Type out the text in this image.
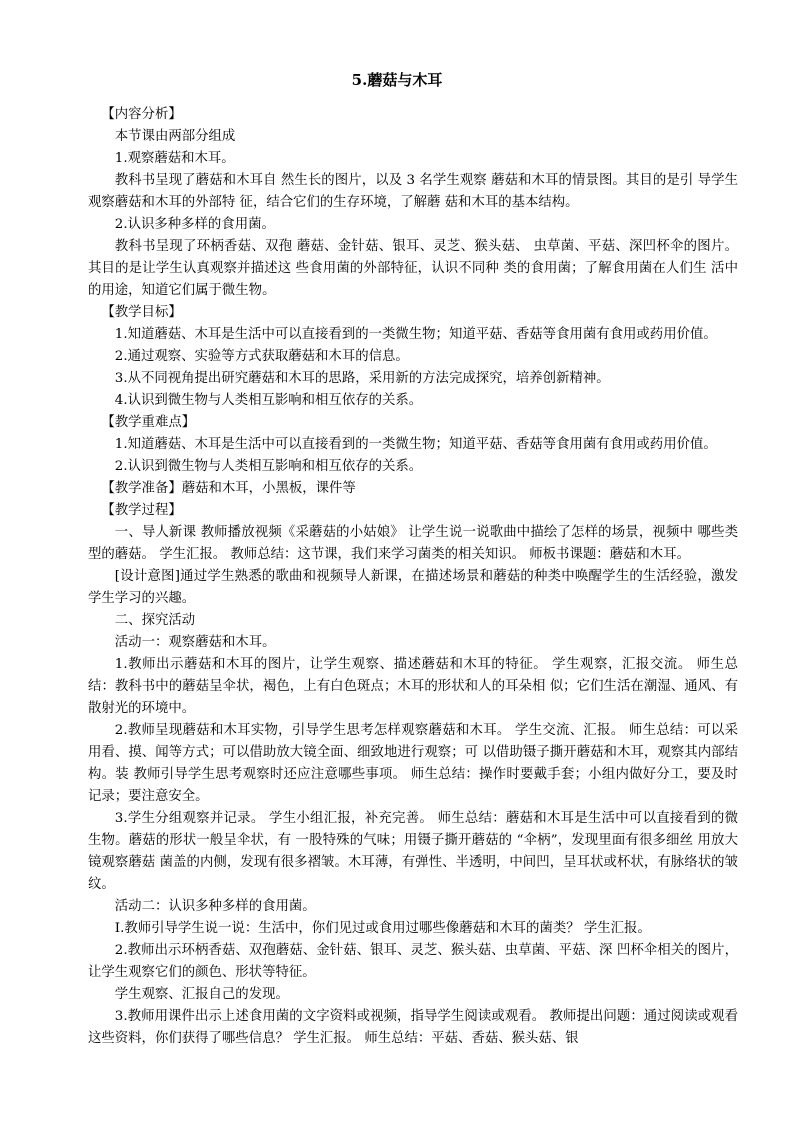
5.蘑菇与木耳

【内容分析】

本节课由两部分组成

1.观察蘑菇和木耳。

教科书呈现了蘑菇和木耳自 然生长的图片，以及 3 名学生观察 蘑菇和木耳的情景图。其目的是引 导学生观察蘑菇和木耳的外部特 征，结合它们的生存环境，了解蘑 菇和木耳的基本结构。

2.认识多种多样的食用菌。

教科书呈现了环柄香菇、双孢 蘑菇、金针菇、银耳、灵芝、猴头菇、 虫草菌、平菇、深凹杯伞的图片。 其目的是让学生认真观察并描述这 些食用菌的外部特征，认识不同种 类的食用菌；了解食用菌在人们生 活中的用途，知道它们属于微生物。

【教学目标】

1.知道蘑菇、木耳是生活中可以直接看到的一类微生物；知道平菇、香菇等食用菌有食用或药用价值。

2.通过观察、实验等方式获取蘑菇和木耳的信息。

3.从不同视角提出研究蘑菇和木耳的思路，采用新的方法完成探究，培养创新精神。

4.认识到微生物与人类相互影响和相互依存的关系。

【教学重难点】

1.知道蘑菇、木耳是生活中可以直接看到的一类微生物；知道平菇、香菇等食用菌有食用或药用价值。

2.认识到微生物与人类相互影响和相互依存的关系。

【教学准备】蘑菇和木耳，小黑板，课件等

【教学过程】

一、导人新课 教师播放视频《采蘑菇的小姑娘》 让学生说一说歌曲中描绘了怎样的场景，视频中 哪些类型的蘑菇。 学生汇报。 教师总结：这节课，我们来学习菌类的相关知识。 师板书课题：蘑菇和木耳。

[设计意图]通过学生熟悉的歌曲和视频导人新课，在描述场景和蘑菇的种类中唤醒学生的生活经验，激发学生学习的兴趣。

二、探究活动

活动一：观察蘑菇和木耳。

1.教师出示蘑菇和木耳的图片，让学生观察、描述蘑菇和木耳的特征。 学生观察，汇报交流。 师生总结：教科书中的蘑菇呈伞状，褐色，上有白色斑点；木耳的形状和人的耳朵相 似；它们生活在潮湿、通风、有散射光的环境中。

2.教师呈现蘑菇和木耳实物，引导学生思考怎样观察蘑菇和木耳。 学生交流、汇报。 师生总结：可以采用看、摸、闻等方式；可以借助放大镜全面、细致地进行观察；可 以借助镊子撕开蘑菇和木耳，观察其内部结构。装 教师引导学生思考观察时还应注意哪些事项。 师生总结：操作时要戴手套；小组内做好分工，要及时记录；要注意安全。

3.学生分组观察并记录。 学生小组汇报，补充完善。 师生总结：蘑菇和木耳是生活中可以直接看到的微生物。蘑菇的形状一般呈伞状，有 一股特殊的气味；用镊子撕开蘑菇的 “伞柄”，发现里面有很多细丝 用放大镜观察蘑菇 菌盖的内侧，发现有很多褶皱。木耳薄，有弹性、半透明，中间凹，呈耳状或杯状，有脉络状的皱纹。

活动二：认识多种多样的食用菌。

I.教师引导学生说一说：生活中，你们见过或食用过哪些像蘑菇和木耳的菌类？ 学生汇报。

2.教师出示环柄香菇、双孢蘑菇、金针菇、银耳、灵芝、猴头菇、虫草菌、平菇、深 凹杯伞相关的图片，让学生观察它们的颜色、形状等特征。

学生观察、汇报自己的发现。

3.教师用课件出示上述食用菌的文字资料或视频，指导学生阅读或观看。 教师提出问题：通过阅读或观看这些资料，你们获得了哪些信息？ 学生汇报。 师生总结：平菇、香菇、猴头菇、银
